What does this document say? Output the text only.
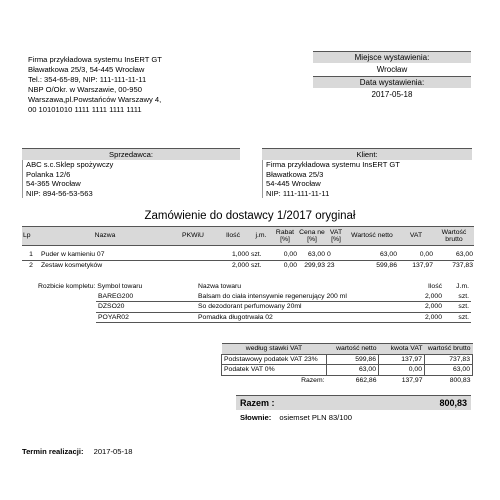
Firma przykładowa systemu InsERT GT
Bławatkowa 25/3, 54-445 Wrocław
Tel.: 354-65-89, NIP: 111-111-11-11
NBP O/Okr. w Warszawie, 00-950
Warszawa,pl.Powstańców Warszawy 4,
00 10101010 1111 1111 1111 1111
Miejsce wystawienia:
Wrocław
Data wystawienia:
2017-05-18
Sprzedawca:
ABC s.c.Sklep spożywczy
Polanka 12/6
54-365 Wrocław
NIP: 894-56-53-563
Klient:
Firma przykładowa systemu InsERT GT
Bławatkowa 25/3
54-445 Wrocław
NIP: 111-111-11-11
Zamówienie do dostawcy 1/2017 oryginał
Lp	Nazwa	PKWiU	Ilość	j.m.	Rabat [%]	Cena ne [%]	VAT [%]	Wartość netto	VAT	Wartość brutto

1	Puder w kamieniu 07		1,000	szt.	0,00	63,00	0	63,00	0,00	63,00
2	Zestaw kosmetyków		2,000	szt.	0,00	299,93	23	599,86	137,97	737,83
Rozbicie kompletu: Symbol towaru
		Nazwa towaru	Ilość	J.m.
BAREG200	Balsam do ciała intensywnie regenerujący 200 ml	2,000	szt.
DZSO20	So dezodorant perfumowany 20ml	2,000	szt.
POYAR02	Pomadka długotrwała 02	2,000	szt.
według stawki VAT	wartość netto	kwota VAT	wartość brutto
Podstawowy podatek VAT 23%	599,86	137,97	737,83
Podatek VAT 0%	63,00	0,00	63,00
Razem:	662,86	137,97	800,83
Razem :	800,83
Słownie: osiemset PLN 83/100
Termin realizacji: 2017-05-18
